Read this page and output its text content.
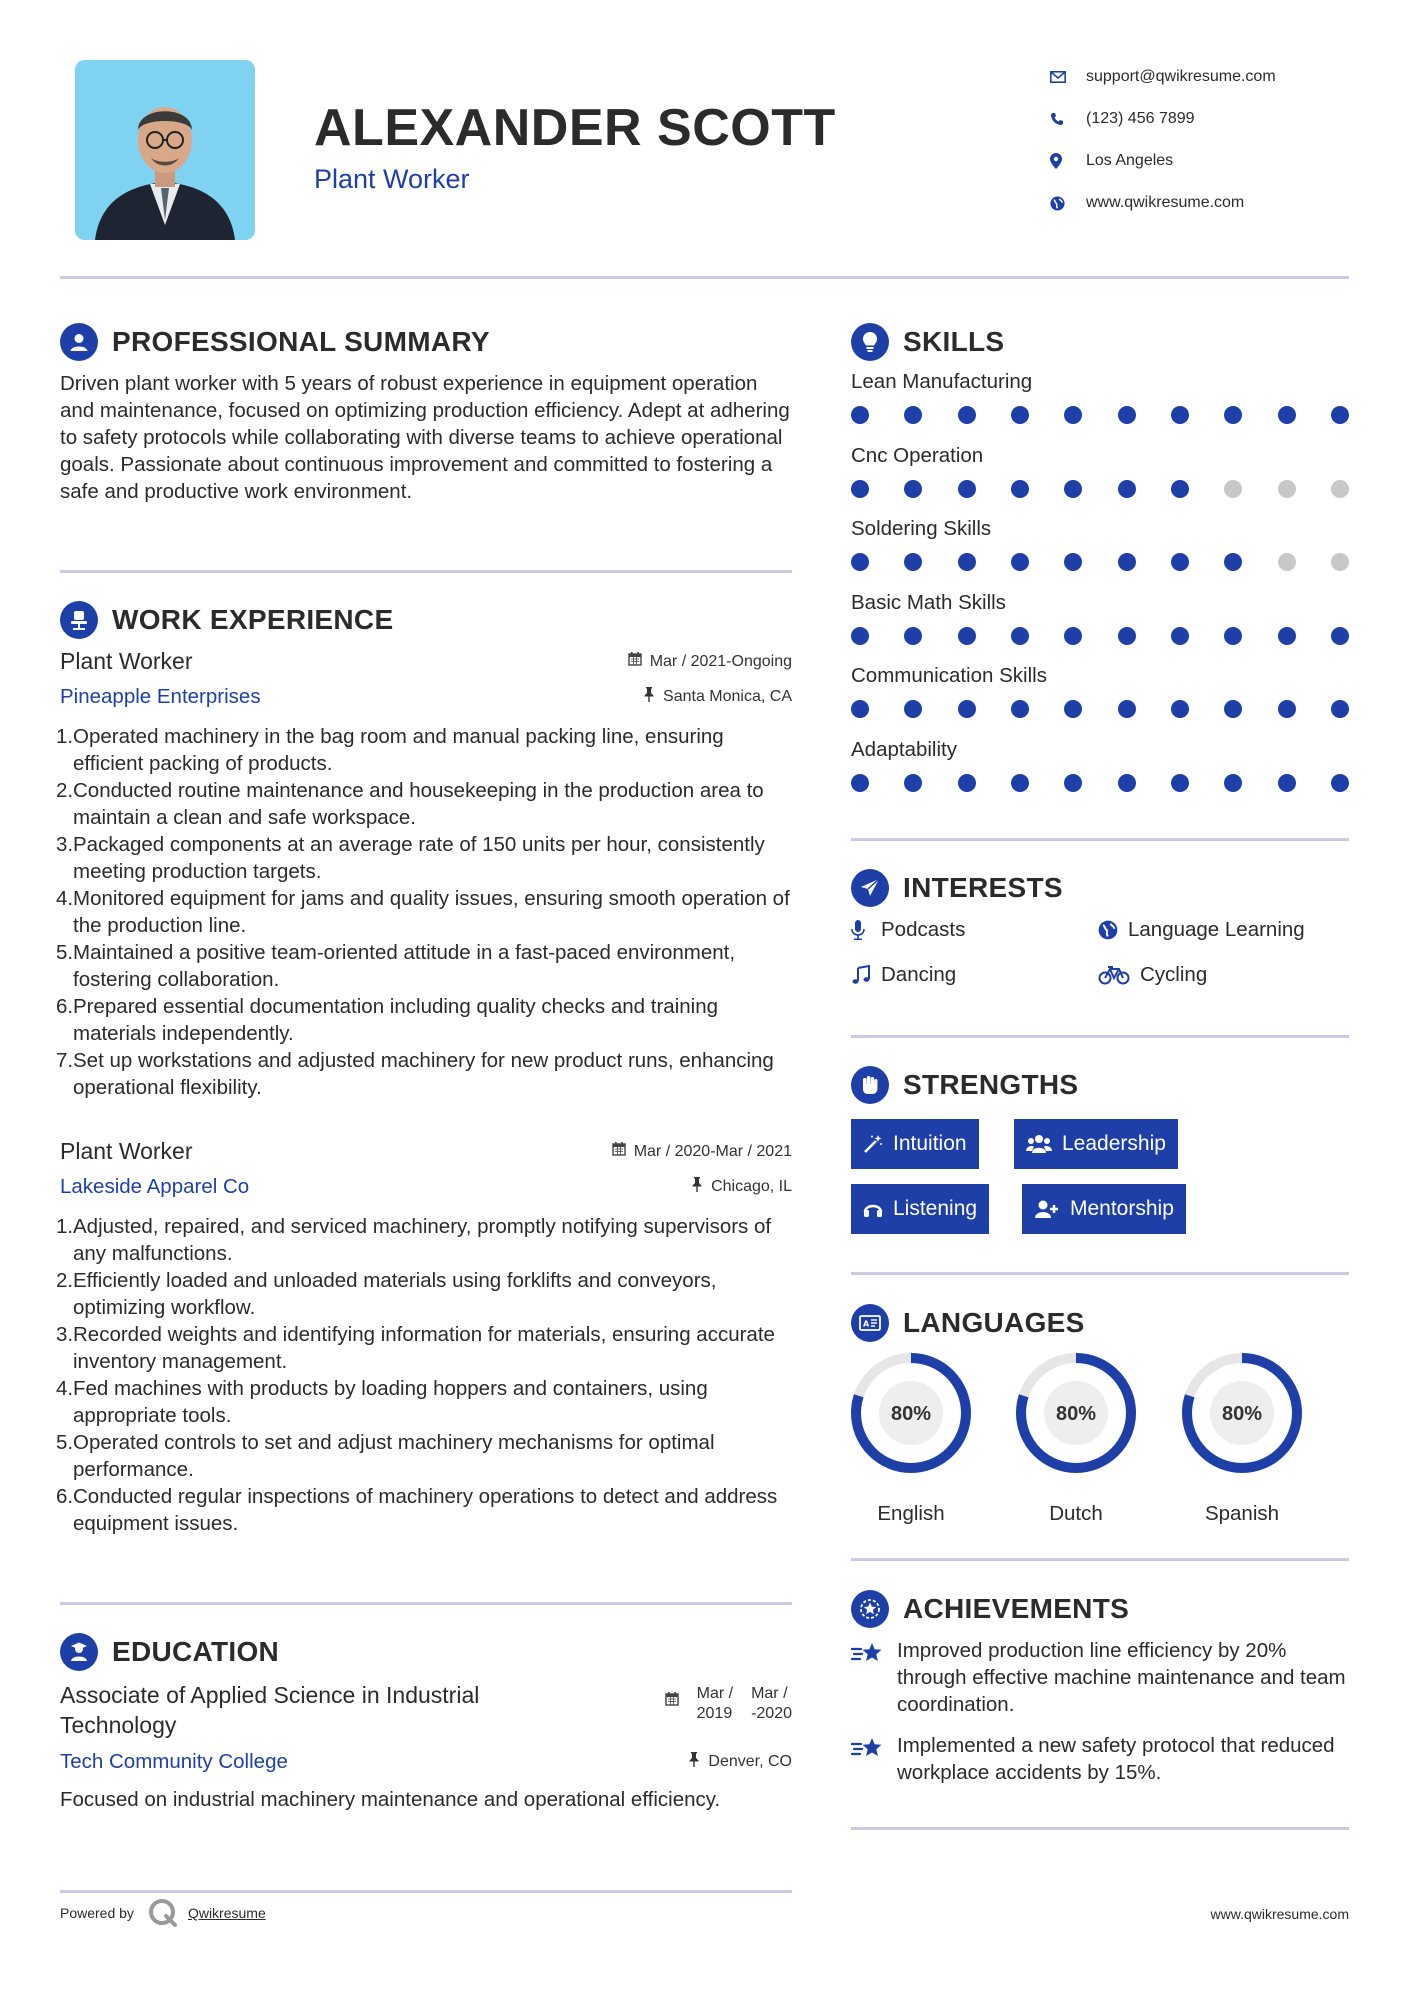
ALEXANDER SCOTT
Plant Worker
support@qwikresume.com
(123) 456 7899
Los Angeles
www.qwikresume.com
PROFESSIONAL SUMMARY
Driven plant worker with 5 years of robust experience in equipment operation and maintenance, focused on optimizing production efficiency. Adept at adhering to safety protocols while collaborating with diverse teams to achieve operational goals. Passionate about continuous improvement and committed to fostering a safe and productive work environment.
WORK EXPERIENCE
Plant Worker	Mar / 2021-Ongoing
Pineapple Enterprises	Santa Monica, CA
1. Operated machinery in the bag room and manual packing line, ensuring efficient packing of products.
2. Conducted routine maintenance and housekeeping in the production area to maintain a clean and safe workspace.
3. Packaged components at an average rate of 150 units per hour, consistently meeting production targets.
4. Monitored equipment for jams and quality issues, ensuring smooth operation of the production line.
5. Maintained a positive team-oriented attitude in a fast-paced environment, fostering collaboration.
6. Prepared essential documentation including quality checks and training materials independently.
7. Set up workstations and adjusted machinery for new product runs, enhancing operational flexibility.
Plant Worker	Mar / 2020-Mar / 2021
Lakeside Apparel Co	Chicago, IL
1. Adjusted, repaired, and serviced machinery, promptly notifying supervisors of any malfunctions.
2. Efficiently loaded and unloaded materials using forklifts and conveyors, optimizing workflow.
3. Recorded weights and identifying information for materials, ensuring accurate inventory management.
4. Fed machines with products by loading hoppers and containers, using appropriate tools.
5. Operated controls to set and adjust machinery mechanisms for optimal performance.
6. Conducted regular inspections of machinery operations to detect and address equipment issues.
EDUCATION
Associate of Applied Science in Industrial Technology
Mar /
2019
Mar /
-2020
Tech Community College	Denver, CO
Focused on industrial machinery maintenance and operational efficiency.
SKILLS
Lean Manufacturing
Cnc Operation
Soldering Skills
Basic Math Skills
Communication Skills
Adaptability
INTERESTS
Podcasts	Language Learning
Dancing	Cycling
STRENGTHS
Intuition	Leadership
Listening	Mentorship
A LANGUAGES
80%
English
80%
Dutch
80%
Spanish
ACHIEVEMENTS
Improved production line efficiency by 20% through effective machine maintenance and team coordination.
Implemented a new safety protocol that reduced workplace accidents by 15%.
Powered by	Qwikresume	www.qwikresume.com
